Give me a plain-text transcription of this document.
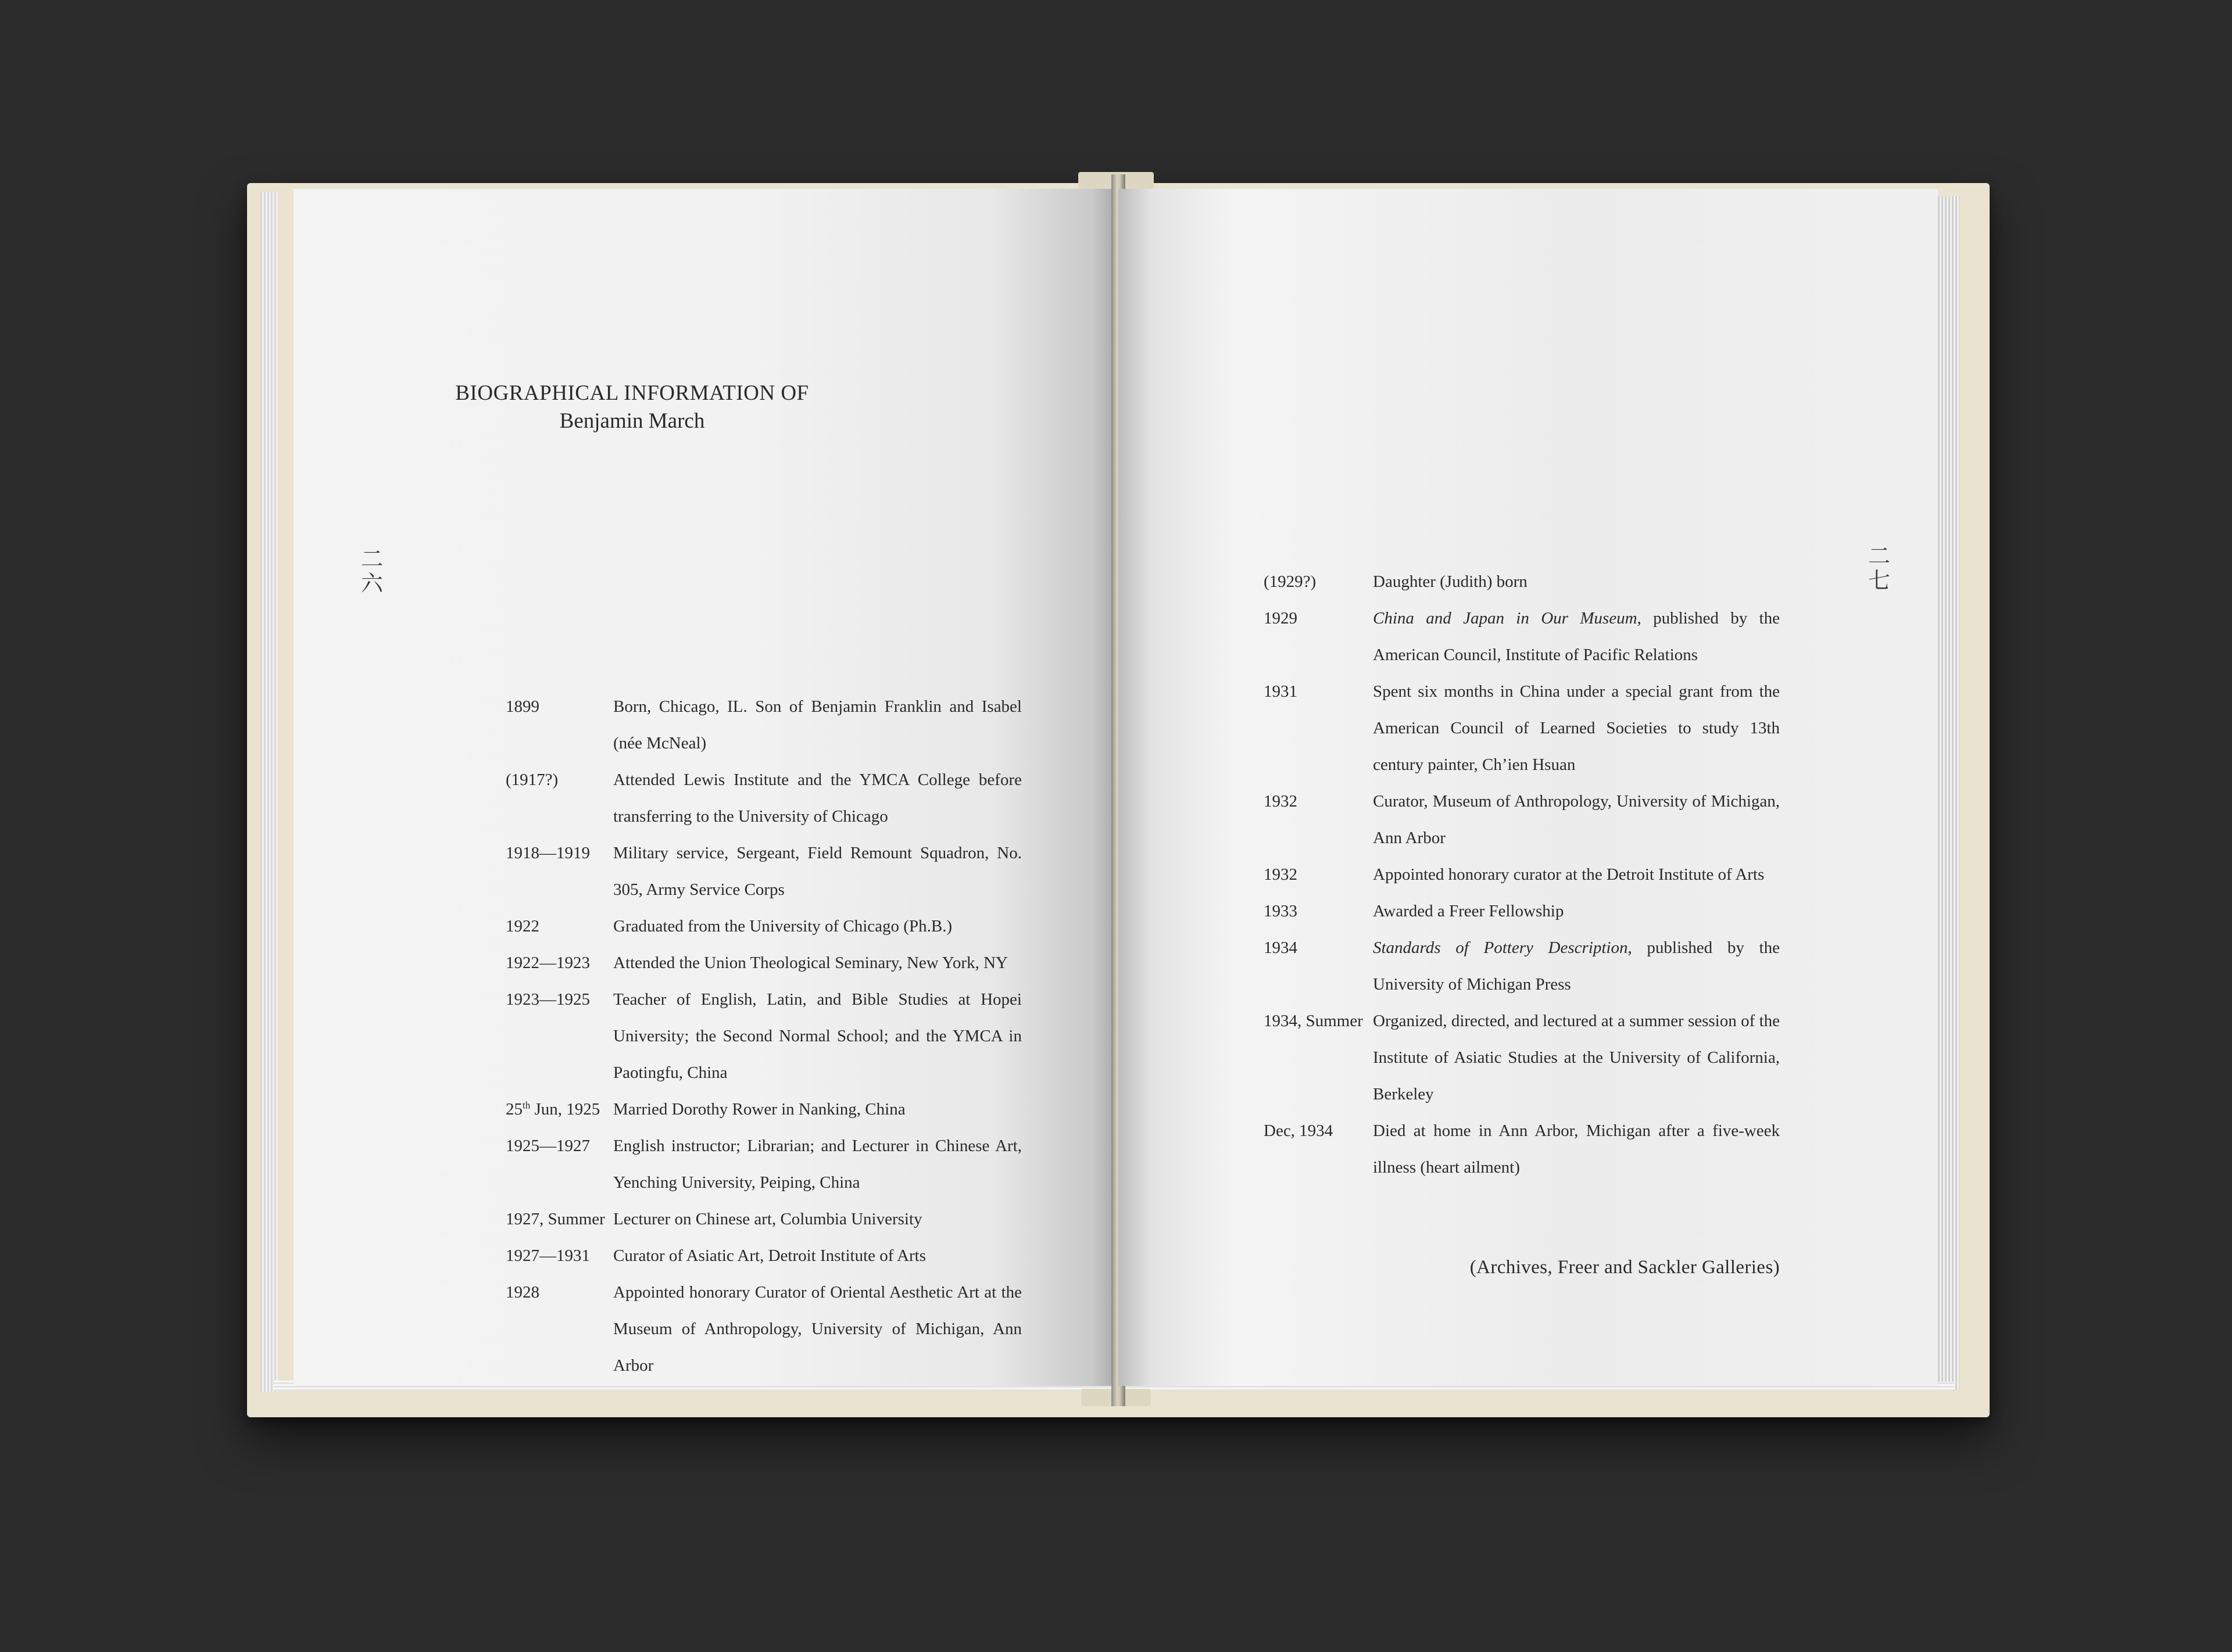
BIOGRAPHICAL INFORMATION OF
Benjamin March
二
六
1899	Born, Chicago, IL. Son of Benjamin Franklin and Isabel (née McNeal)
(1917?)	Attended Lewis Institute and the YMCA College before transferring to the University of Chicago
1918—1919 Military service, Sergeant, Field Remount Squadron, No. 305, Army Service Corps
1922	Graduated from the University of Chicago (Ph.B.)
1922—1923 Attended the Union Theological Seminary, New York, NY
1923—1925 Teacher of English, Latin, and Bible Studies at Hopei University; the Second Normal School; and the YMCA in Paotingfu, China
25th Jun, 1925 Married Dorothy Rower in Nanking, China
1925—1927 English instructor; Librarian; and Lecturer in Chinese Art, Yenching University, Peiping, China
1927, Summer Lecturer on Chinese art, Columbia University
1927—1931 Curator of Asiatic Art, Detroit Institute of Arts
1928	Appointed honorary Curator of Oriental Aesthetic Art at the Museum of Anthropology, University of Michigan, Ann Arbor
二
七
(1929?)	Daughter (Judith) born
1929	China and Japan in Our Museum, published by the American Council, Institute of Pacific Relations
1931	Spent six months in China under a special grant from the American Council of Learned Societies to study 13th century painter, Ch’ien Hsuan
1932	Curator, Museum of Anthropology, University of Michigan, Ann Arbor
1932	Appointed honorary curator at the Detroit Institute of Arts
1933	Awarded a Freer Fellowship
1934	Standards of Pottery Description, published by the University of Michigan Press
1934, Summer Organized, directed, and lectured at a summer session of the Institute of Asiatic Studies at the University of California, Berkeley
Dec, 1934 Died at home in Ann Arbor, Michigan after a five-week illness (heart ailment)
(Archives, Freer and Sackler Galleries)
